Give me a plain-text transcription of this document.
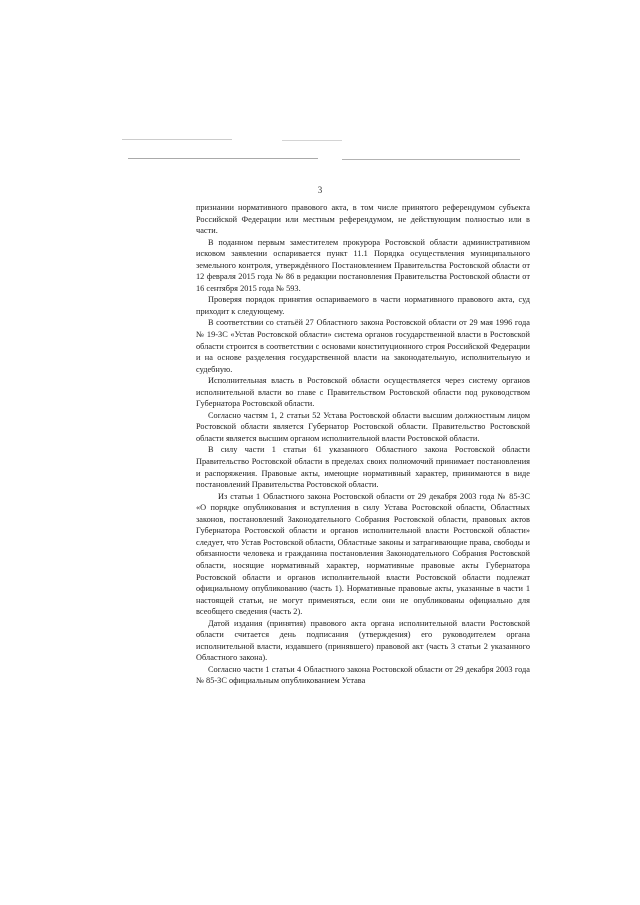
3

признании нормативного правового акта, в том числе принятого референдумом субъекта Российской Федерации или местным референдумом, не действующим полностью или в части.

В поданном первым заместителем прокурора Ростовской области административном исковом заявлении оспаривается пункт 11.1 Порядка осуществления муниципального земельного контроля, утверждённого Постановлением Правительства Ростовской области от 12 февраля 2015 года № 86 в редакции постановления Правительства Ростовской области от 16 сентября 2015 года № 593.

Проверяя порядок принятия оспариваемого в части нормативного правового акта, суд приходит к следующему.

В соответствии со статьёй 27 Областного закона Ростовской области от 29 мая 1996 года № 19-ЗС «Устав Ростовской области» система органов государственной власти в Ростовской области строится в соответствии с основами конституционного строя Российской Федерации и на основе разделения государственной власти на законодательную, исполнительную и судебную.

Исполнительная власть в Ростовской области осуществляется через систему органов исполнительной власти во главе с Правительством Ростовской области под руководством Губернатора Ростовской области.

Согласно частям 1, 2 статьи 52 Устава Ростовской области высшим должностным лицом Ростовской области является Губернатор Ростовской области. Правительство Ростовской области является высшим органом исполнительной власти Ростовской области.

В силу части 1 статьи 61 указанного Областного закона Ростовской области Правительство Ростовской области в пределах своих полномочий принимает постановления и распоряжения. Правовые акты, имеющие нормативный характер, принимаются в виде постановлений Правительства Ростовской области.

Из статьи 1 Областного закона Ростовской области от 29 декабря 2003 года № 85-ЗС «О порядке опубликования и вступления в силу Устава Ростовской области, Областных законов, постановлений Законодательного Собрания Ростовской области, правовых актов Губернатора Ростовской области и органов исполнительной власти Ростовской области» следует, что Устав Ростовской области, Областные законы и затрагивающие права, свободы и обязанности человека и гражданина постановления Законодательного Собрания Ростовской области, носящие нормативный характер, нормативные правовые акты Губернатора Ростовской области и органов исполнительной власти Ростовской области подлежат официальному опубликованию (часть 1). Нормативные правовые акты, указанные в части 1 настоящей статьи, не могут применяться, если они не опубликованы официально для всеобщего сведения (часть 2).

Датой издания (принятия) правового акта органа исполнительной власти Ростовской области считается день подписания (утверждения) его руководителем органа исполнительной власти, издавшего (принявшего) правовой акт (часть 3 статьи 2 указанного Областного закона).

Согласно части 1 статьи 4 Областного закона Ростовской области от 29 декабря 2003 года № 85-ЗС официальным опубликованием Устава
